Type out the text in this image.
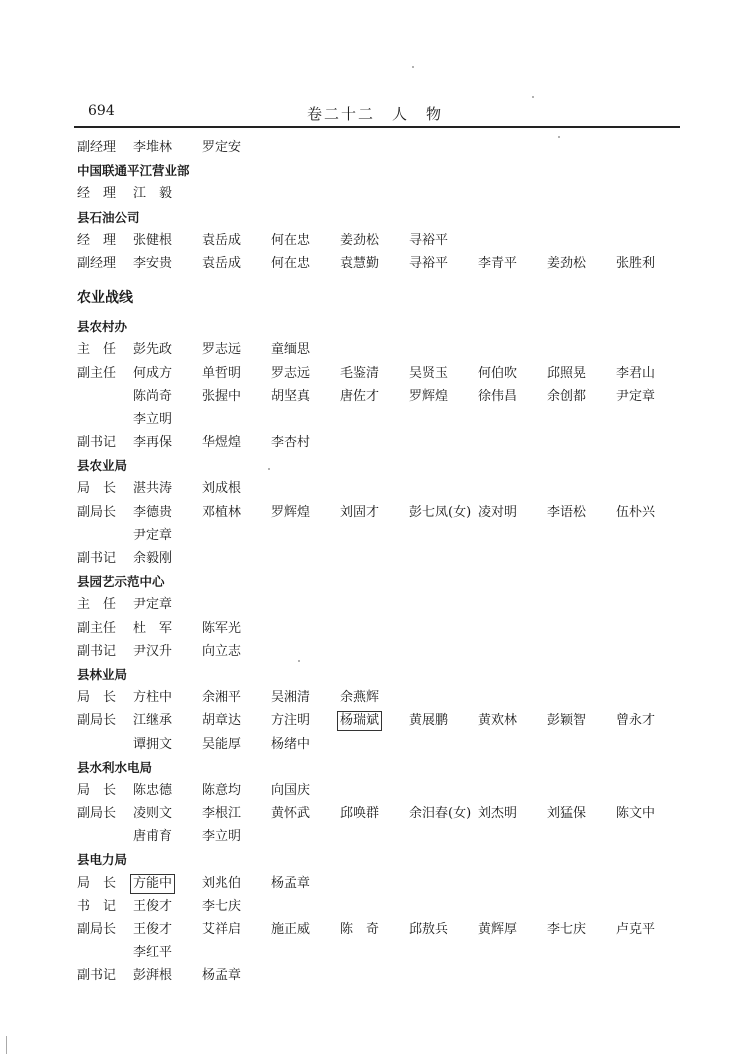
694	卷二十二　人　物
副经理 李堆林 罗定安
中国联通平江营业部
经　理 江　毅
县石油公司
经　理 张健根 袁岳成 何在忠 姜劲松 寻裕平
副经理 李安贵 袁岳成 何在忠 袁慧勤 寻裕平 李青平 姜劲松 张胜利
农业战线
县农村办
主　任 彭先政 罗志远 童缅思
副主任 何成方 单哲明 罗志远 毛鉴清 吴贤玉 何伯吹 邱照晃 李君山
陈尚奇 张握中 胡坚真 唐佐才 罗辉煌 徐伟昌 余创都 尹定章
李立明
副书记 李再保 华煜煌 李杏村
县农业局
局　长 湛共涛 刘成根
副局长 李德贵 邓植林 罗辉煌 刘固才 彭七凤(女) 凌对明 李语松 伍朴兴
尹定章
副书记 余毅刚
县园艺示范中心
主　任 尹定章
副主任 杜　军 陈军光
副书记 尹汉升 向立志
县林业局
局　长 方柱中 余湘平 吴湘清 余燕辉
副局长 江继承 胡章达 方注明 杨瑞斌 黄展鹏 黄欢林 彭颖智 曾永才
谭拥文 吴能厚 杨绪中
县水利水电局
局　长 陈忠德 陈意均 向国庆
副局长 凌则文 李根江 黄怀武 邱唤群 余汨春(女) 刘杰明 刘猛保 陈文中
唐甫育 李立明
县电力局
局　长 方能中 刘兆伯 杨孟章
书　记 王俊才 李七庆
副局长 王俊才 艾祥启 施正威 陈　奇 邱敖兵 黄辉厚 李七庆 卢克平
李红平
副书记 彭湃根 杨孟章
